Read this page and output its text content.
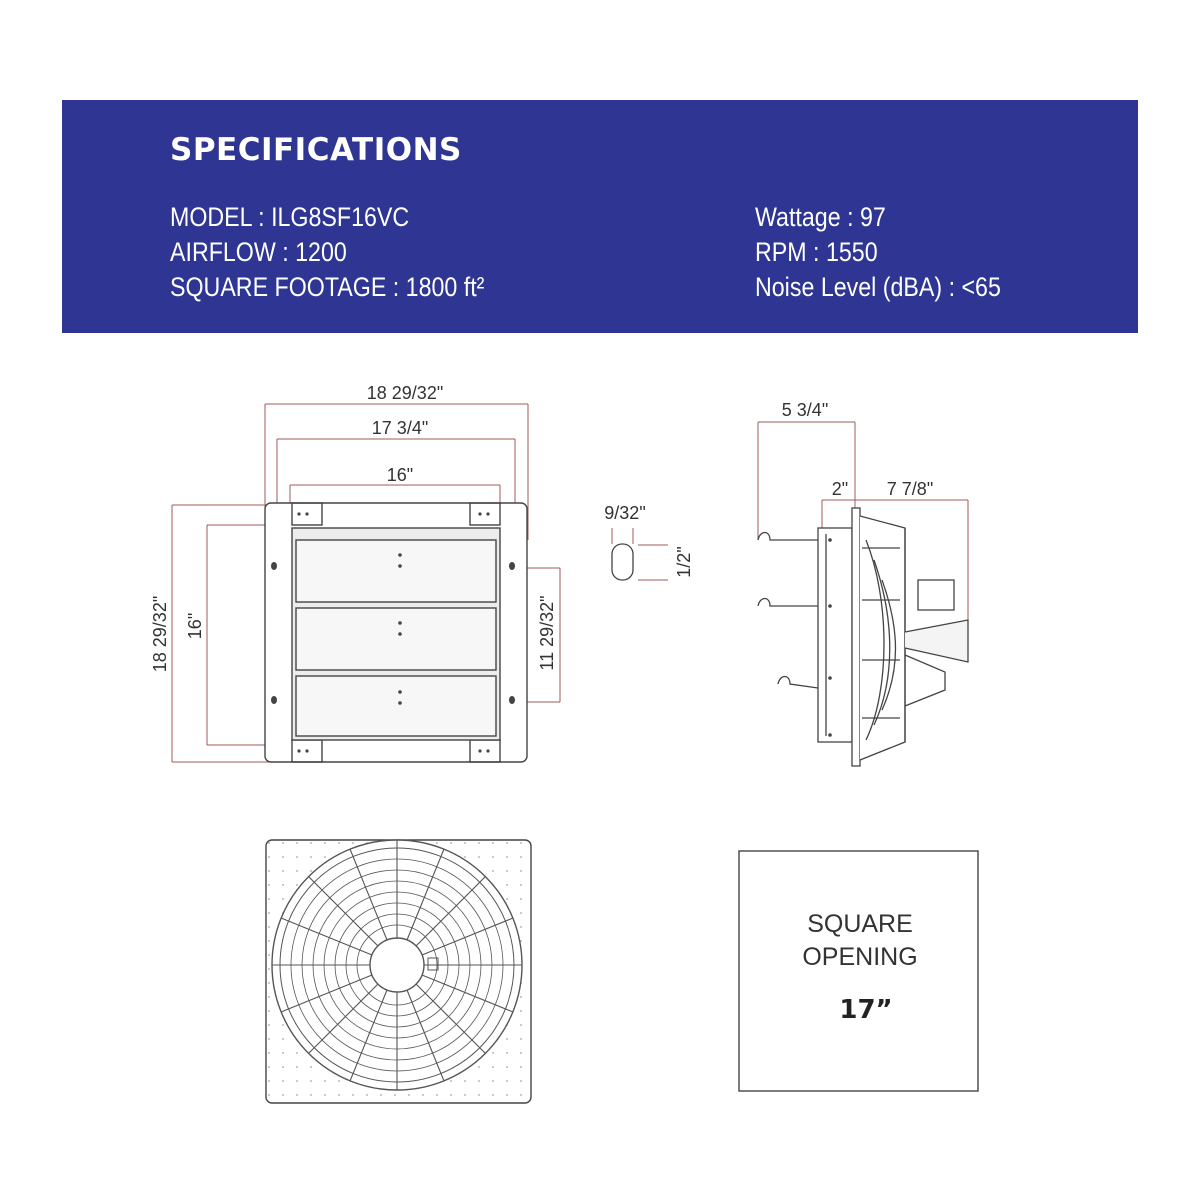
SPECIFICATIONS
MODEL : ILG8SF16VC
AIRFLOW : 1200
SQUARE FOOTAGE : 1800 ft²
Wattage : 97
RPM : 1550
Noise Level (dBA) : <65
18 29/32"
17 3/4"
16"
18 29/32" 16"	11 29/32"
9/32"
1/2"
5 3/4"
2" 7 7/8"
SQUARE
OPENING
17”
